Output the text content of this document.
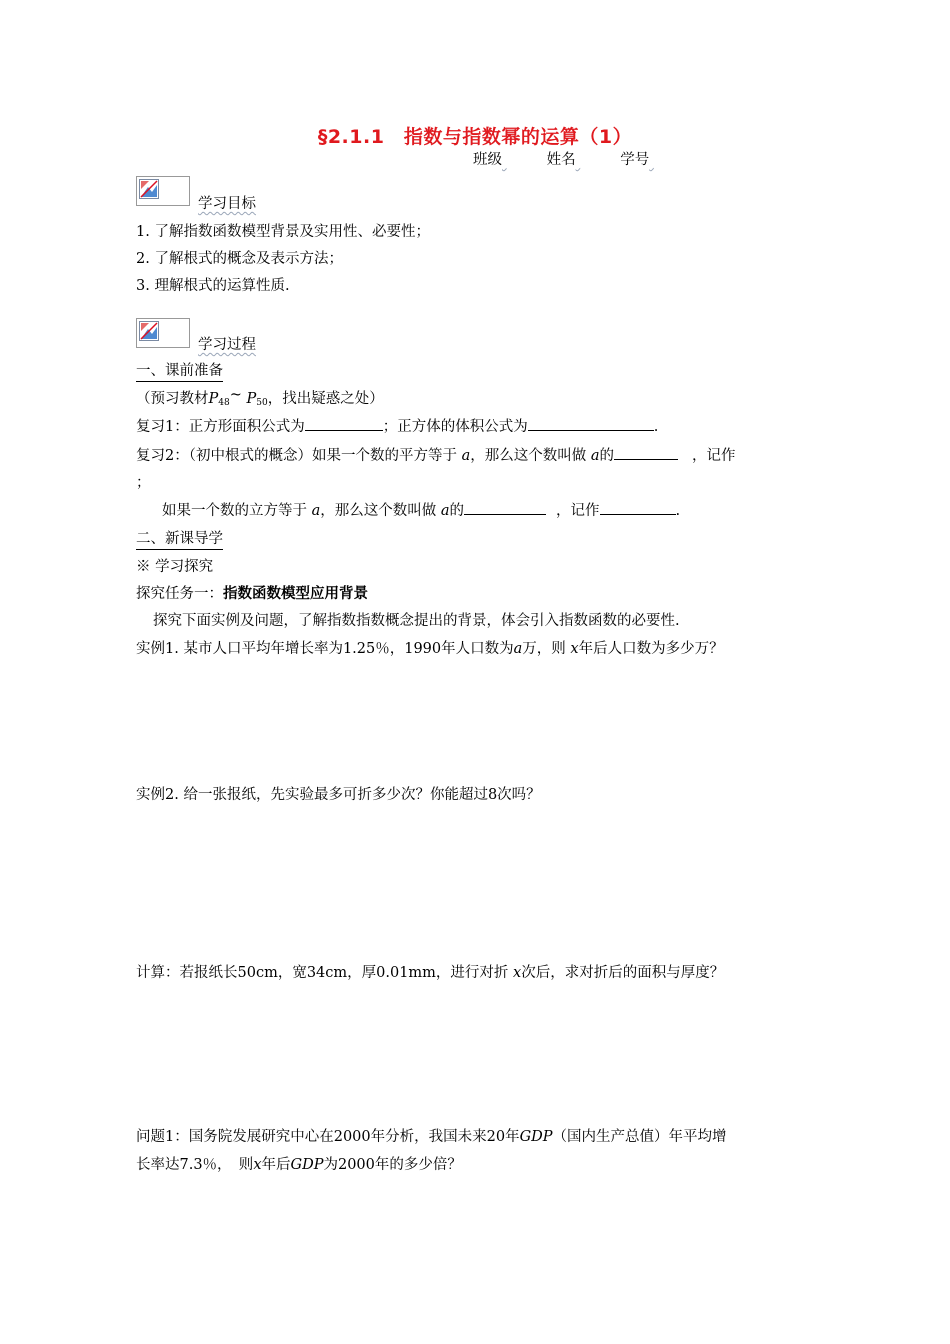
§2.1.1　指数与指数幂的运算（1）
班级	姓名	学号
学习目标
1. 了解指数函数模型背景及实用性、必要性；
2. 了解根式的概念及表示方法；
3. 理解根式的运算性质.
学习过程
一、课前准备
（预习教材$P_{48}\sim$ $P_{50}$，找出疑惑之处）
复习1：正方形面积公式为	；正方体的体积公式为	.
复习2：（初中根式的概念）如果一个数的平方等于 a，那么这个数叫做 a的	，记作
；
如果一个数的立方等于 a，那么这个数叫做 a的	，记作	.
二、新课导学
※ 学习探究
探究任务一：指数函数模型应用背景
探究下面实例及问题，了解指数指数概念提出的背景，体会引入指数函数的必要性.
实例1. 某市人口平均年增长率为1.25％，1990年人口数为a万，则 x年后人口数为多少万？
实例2. 给一张报纸，先实验最多可折多少次？你能超过8次吗？
计算：若报纸长50cm，宽34cm，厚0.01mm，进行对折 x次后，求对折后的面积与厚度？
问题1：国务院发展研究中心在2000年分析，我国未来20年GDP（国内生产总值）年平均增
长率达7.3％，　则x年后GDP为2000年的多少倍？
